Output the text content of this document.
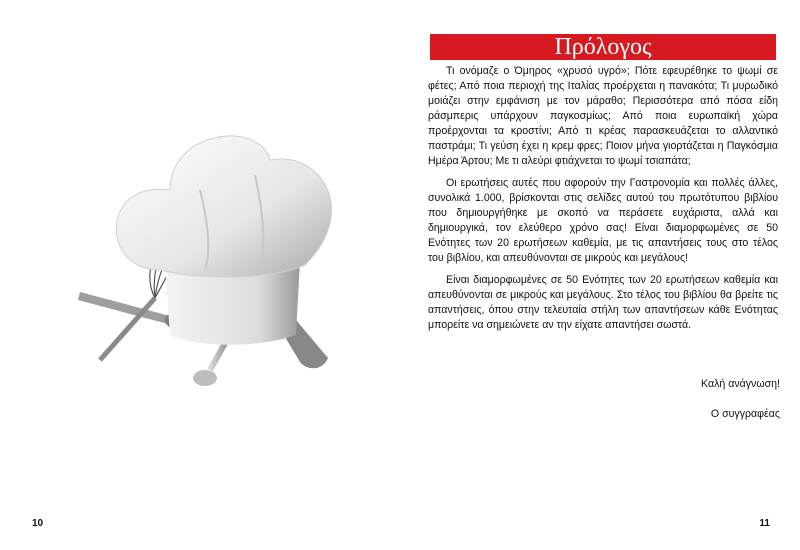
10
Πρόλογος

Τι ονόμαζε ο Όμηρος «χρυσό υγρό»; Πότε εφευρέθηκε το ψωμί σε φέτες; Από ποια περιοχή της Ιταλίας προέρχεται η πανακότα; Τι μυρωδικό μοιάζει στην εμφάνιση με τον μάραθο; Περισσότερα από πόσα είδη ράσμπερις υπάρχουν παγκοσμίως; Από ποια ευρωπαϊκή χώρα προέρχονται τα κροστίνι; Από τι κρέας παρασκευάζεται το αλλαντικό παστράμι; Τι γεύση έχει η κρεμ φρες; Ποιον μήνα γιορτάζεται η Παγκόσμια Ημέρα Άρτου; Με τι αλεύρι φτιάχνεται το ψωμί τσιαπάτα;

Οι ερωτήσεις αυτές που αφορούν την Γαστρονομία και πολλές άλλες, συνολικά 1.000, βρίσκονται στις σελίδες αυτού του πρωτότυπου βιβλίου που δημιουργήθηκε με σκοπό να περάσετε ευχάριστα, αλλά και δημιουργικά, τον ελεύθερο χρόνο σας! Είναι διαμορφωμένες σε 50 Ενότητες των 20 ερωτήσεων καθεμία, με τις απαντήσεις τους στο τέλος του βιβλίου, και απευθύνονται σε μικρούς και μεγάλους!

Είναι διαμορφωμένες σε 50 Ενότητες των 20 ερωτήσεων καθεμία και απευθύνονται σε μικρούς και μεγάλους. Στο τέλος του βιβλίου θα βρείτε τις απαντήσεις, όπου στην τελευταία στήλη των απαντήσεων κάθε Ενότητας μπορείτε να σημειώνετε αν την είχατε απαντήσει σωστά.

Καλή ανάγνωση!
Ο συγγραφέας
11
